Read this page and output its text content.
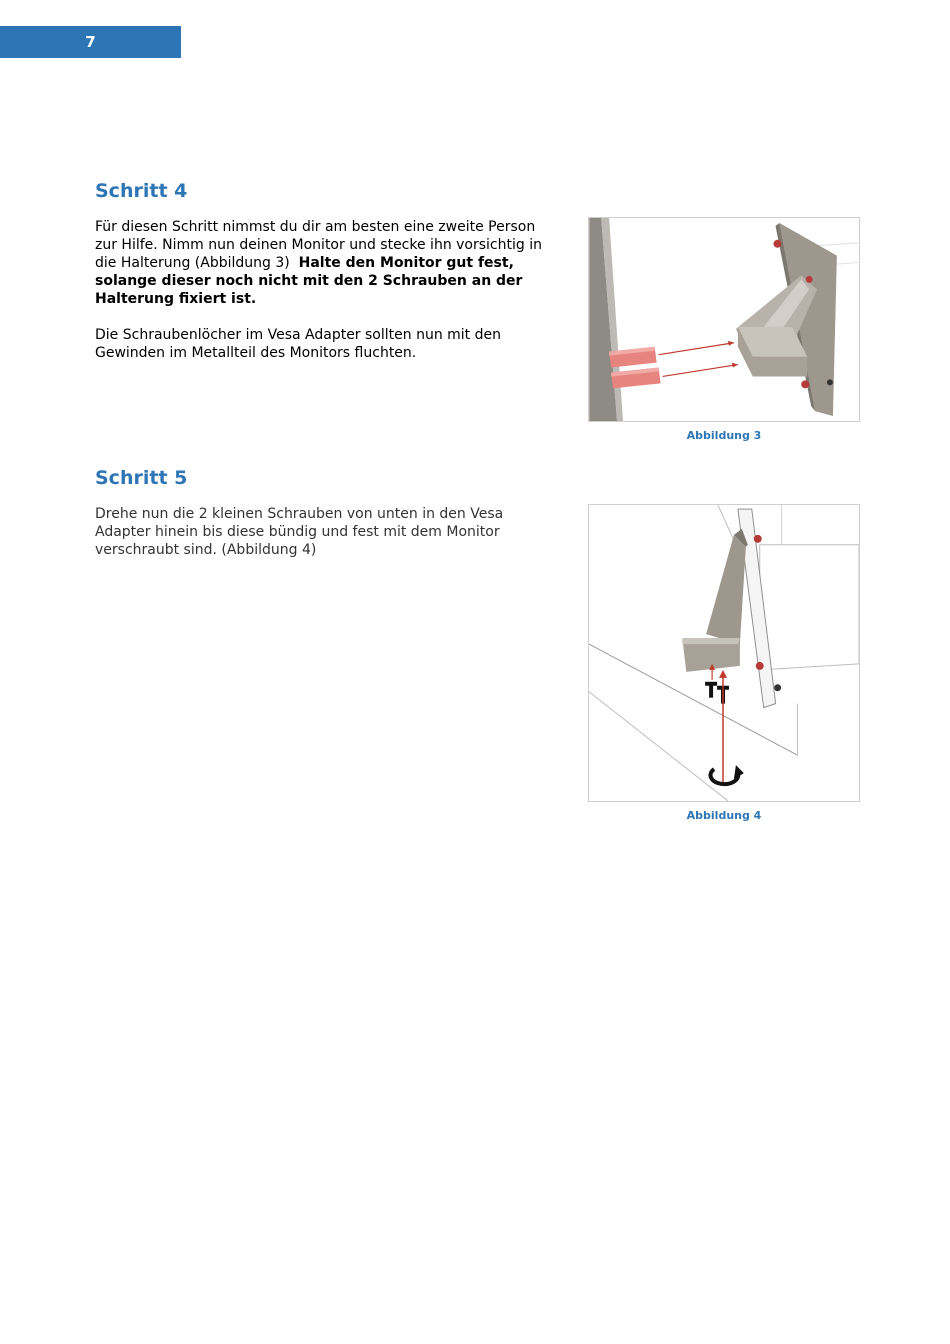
7
Schritt 4

Für diesen Schritt nimmst du dir am besten eine zweite Person zur Hilfe. Nimm nun deinen Monitor und stecke ihn vorsichtig in die Halterung (Abbildung 3) Halte den Monitor gut fest, solange dieser noch nicht mit den 2 Schrauben an der Halterung fixiert ist.

Die Schraubenlöcher im Vesa Adapter sollten nun mit den Gewinden im Metallteil des Monitors fluchten.

Abbildung 3

Schritt 5

Drehe nun die 2 kleinen Schrauben von unten in den Vesa Adapter hinein bis diese bündig und fest mit dem Monitor verschraubt sind. (Abbildung 4)

Abbildung 4
